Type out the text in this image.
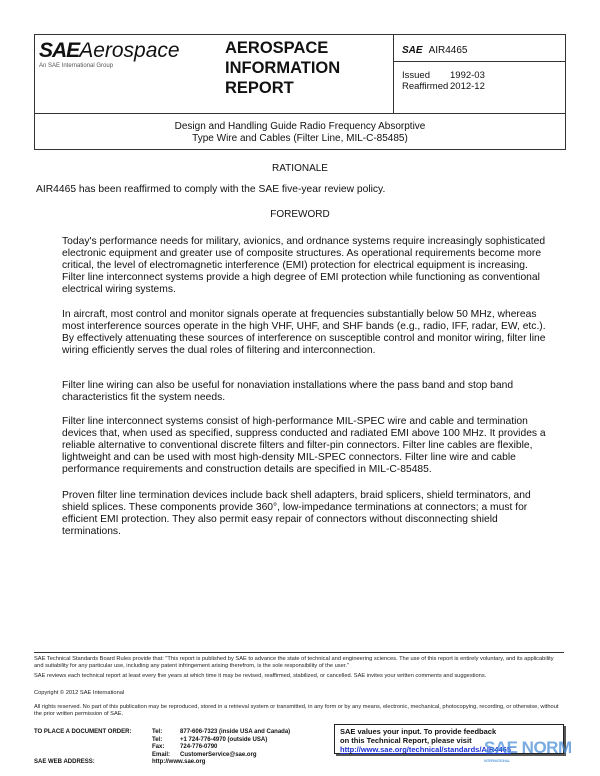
SAEAerospace
An SAE International Group
AEROSPACE
INFORMATION
REPORT
SAE AIR4465
Issued 1992-03
Reaffirmed 2012-12
Design and Handling Guide Radio Frequency Absorptive
Type Wire and Cables (Filter Line, MIL-C-85485)
RATIONALE

AIR4465 has been reaffirmed to comply with the SAE five-year review policy.

FOREWORD

Today's performance needs for military, avionics, and ordnance systems require increasingly sophisticated electronic equipment and greater use of composite structures. As operational requirements become more critical, the level of electromagnetic interference (EMI) protection for electrical equipment is increasing. Filter line interconnect systems provide a high degree of EMI protection while functioning as conventional electrical wiring systems.

In aircraft, most control and monitor signals operate at frequencies substantially below 50 MHz, whereas most interference sources operate in the high VHF, UHF, and SHF bands (e.g., radio, IFF, radar, EW, etc.). By effectively attenuating these sources of interference on susceptible control and monitor wiring, filter line wiring efficiently serves the dual roles of filtering and interconnection.

Filter line wiring can also be useful for nonaviation installations where the pass band and stop band characteristics fit the system needs.

Filter line interconnect systems consist of high-performance MIL-SPEC wire and cable and termination devices that, when used as specified, suppress conducted and radiated EMI above 100 MHz. It provides a reliable alternative to conventional discrete filters and filter-pin connectors. Filter line cables are flexible, lightweight and can be used with most high-density MIL-SPEC connectors. Filter line wire and cable performance requirements and construction details are specified in MIL-C-85485.

Proven filter line termination devices include back shell adapters, braid splicers, shield terminators, and shield splices. These components provide 360°, low-impedance terminations at connectors; a must for efficient EMI protection. They also permit easy repair of connectors without disconnecting shield terminations.

SAE Technical Standards Board Rules provide that: "This report is published by SAE to advance the state of technical and engineering sciences. The use of this report is entirely voluntary, and its applicability and suitability for any particular use, including any patent infringement arising therefrom, is the sole responsibility of the user."
SAE reviews each technical report at least every five years at which time it may be revised, reaffirmed, stabilized, or cancelled. SAE invites your written comments and suggestions.
Copyright © 2012 SAE International
All rights reserved. No part of this publication may be reproduced, stored in a retrieval system or transmitted, in any form or by any means, electronic, mechanical, photocopying, recording, or otherwise, without the prior written permission of SAE.
TO PLACE A DOCUMENT ORDER:	Tel:	877-606-7323 (inside USA and Canada)
	Tel:	+1 724-776-4970 (outside USA)
	Fax:	724-776-0790
	Email:	CustomerService@sae.org
SAE WEB ADDRESS:	http://www.sae.org	
SAE values your input. To provide feedback
on this Technical Report, please visit
http://www.sae.org/technical/standards/AIR4465
SAE NORM
INTERNATIONAL
